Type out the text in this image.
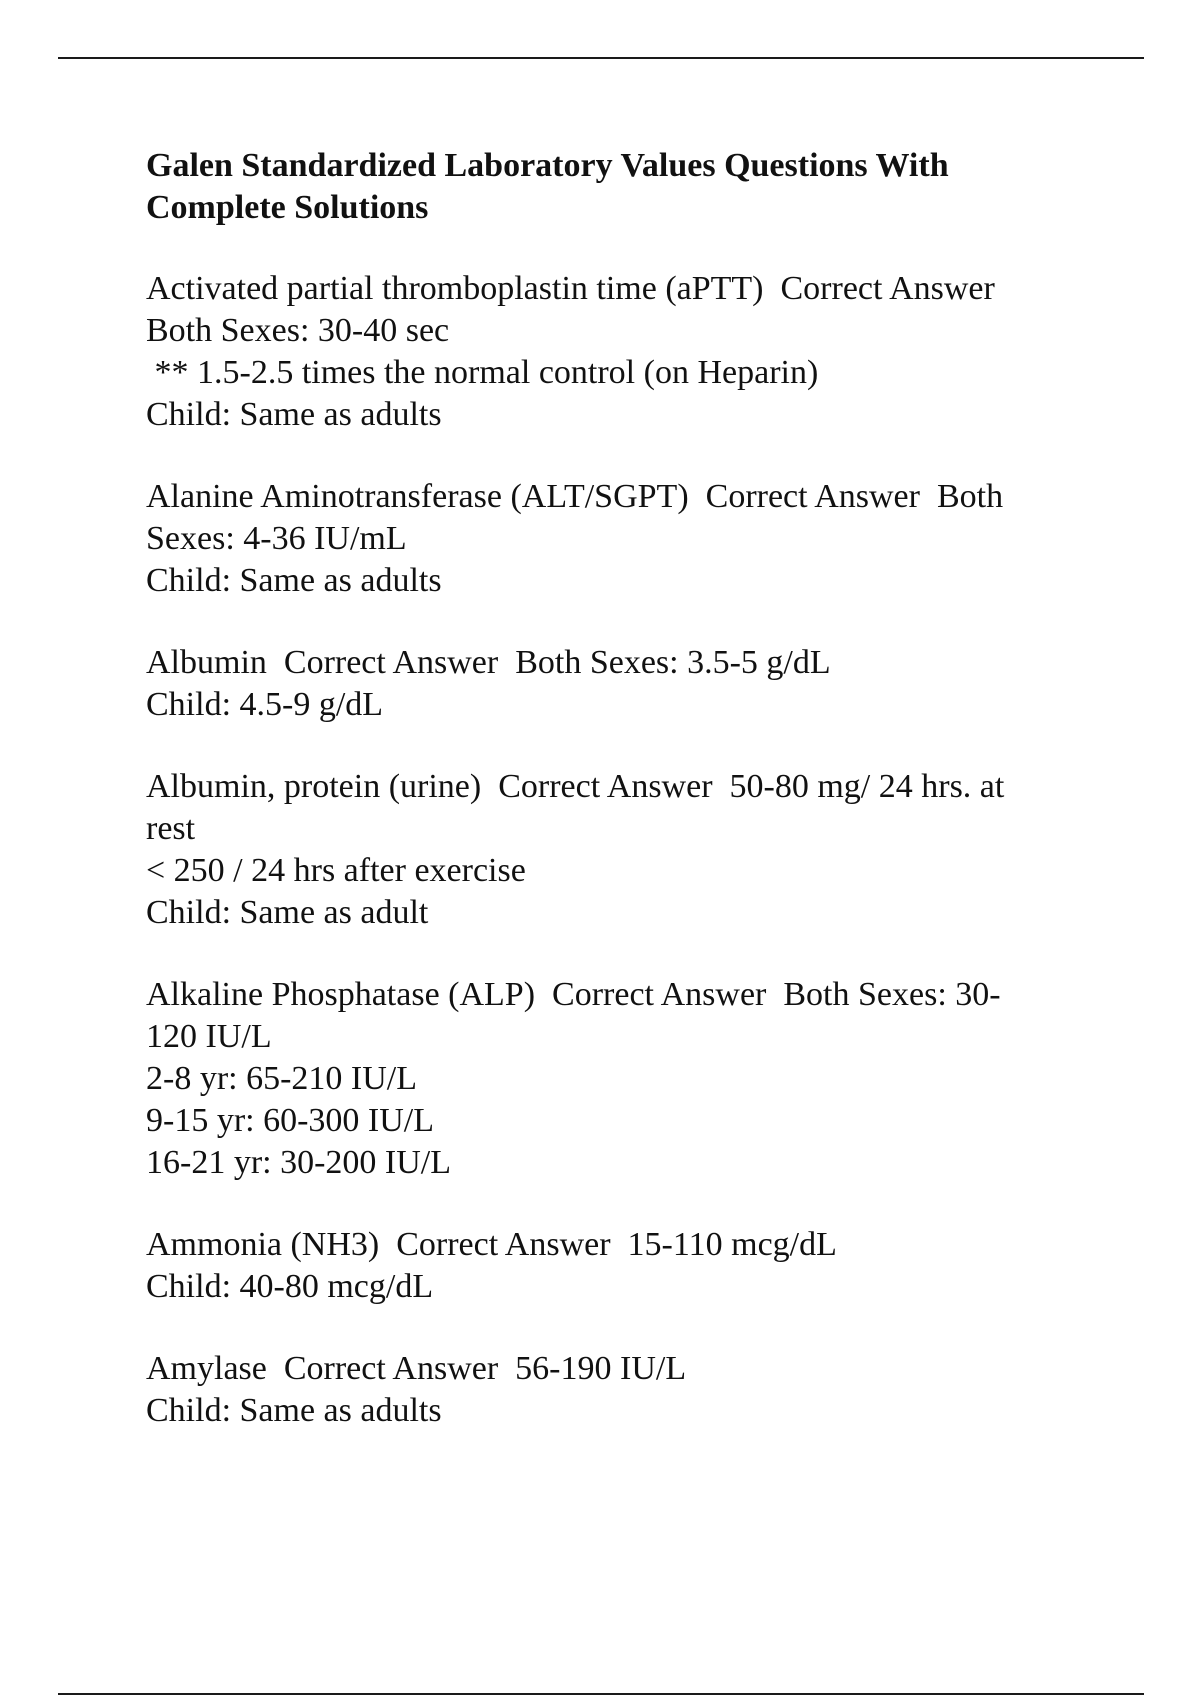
Galen Standardized Laboratory Values Questions With
Complete Solutions
Activated partial thromboplastin time (aPTT)  Correct Answer
Both Sexes: 30-40 sec
** 1.5-2.5 times the normal control (on Heparin)
Child: Same as adults
Alanine Aminotransferase (ALT/SGPT)  Correct Answer  Both
Sexes: 4-36 IU/mL
Child: Same as adults
Albumin  Correct Answer  Both Sexes: 3.5-5 g/dL
Child: 4.5-9 g/dL
Albumin, protein (urine)  Correct Answer  50-80 mg/ 24 hrs. at
rest
< 250 / 24 hrs after exercise
Child: Same as adult
Alkaline Phosphatase (ALP)  Correct Answer  Both Sexes: 30-
120 IU/L
2-8 yr: 65-210 IU/L
9-15 yr: 60-300 IU/L
16-21 yr: 30-200 IU/L
Ammonia (NH3)  Correct Answer  15-110 mcg/dL
Child: 40-80 mcg/dL
Amylase  Correct Answer  56-190 IU/L
Child: Same as adults
